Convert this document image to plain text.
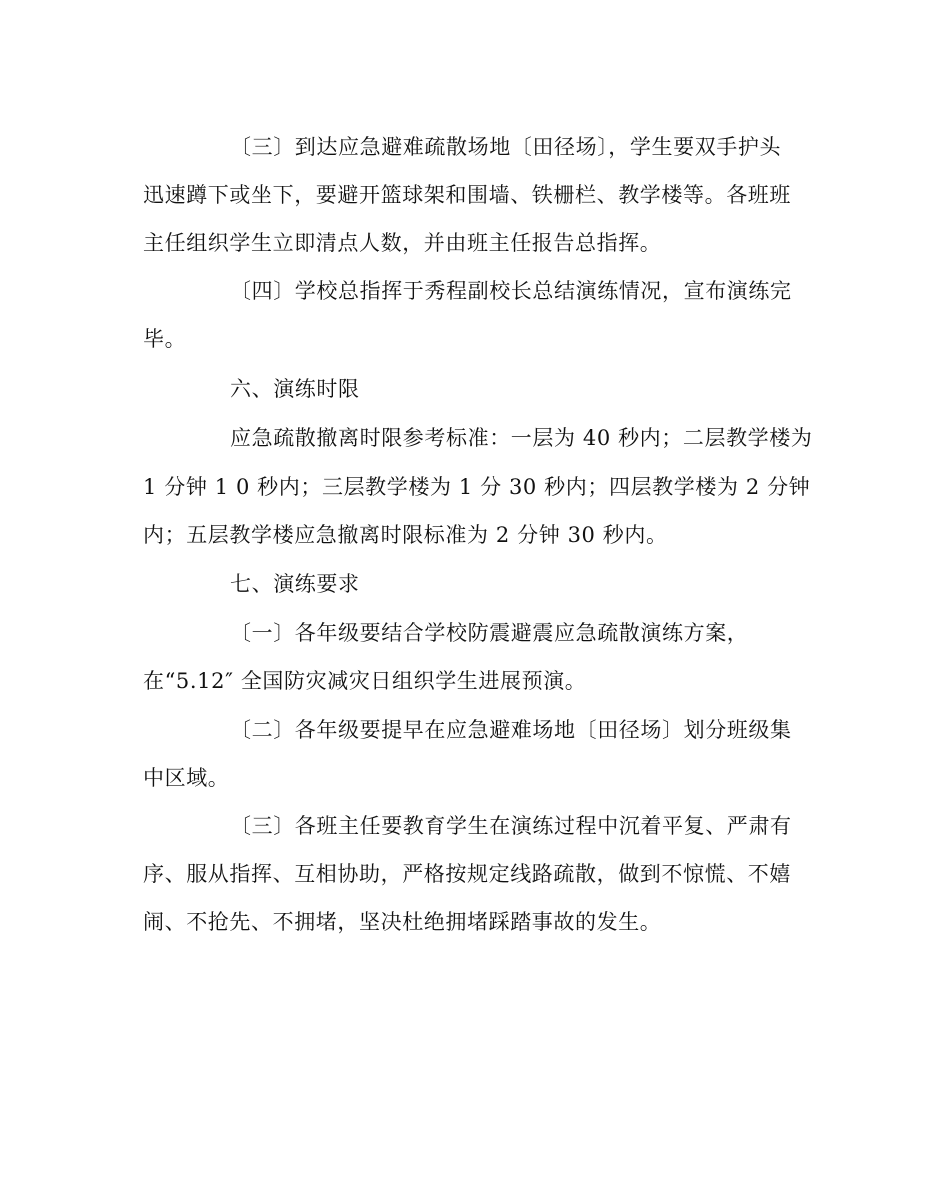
〔三〕到达应急避难疏散场地〔田径场〕，学生要双手护头
迅速蹲下或坐下，要避开篮球架和围墙、铁栅栏、教学楼等。各班班
主任组织学生立即清点人数，并由班主任报告总指挥。
〔四〕学校总指挥于秀程副校长总结演练情况，宣布演练完
毕。
六、演练时限
应急疏散撤离时限参考标准：一层为 40 秒内；二层教学楼为
1 分钟 1 0 秒内；三层教学楼为 1 分 30 秒内；四层教学楼为 2 分钟
内；五层教学楼应急撤离时限标准为 2 分钟 30 秒内。
七、演练要求
〔一〕各年级要结合学校防震避震应急疏散演练方案，
在“5.12″ 全国防灾减灾日组织学生进展预演。
〔二〕各年级要提早在应急避难场地〔田径场〕划分班级集
中区域。
〔三〕各班主任要教育学生在演练过程中沉着平复、严肃有
序、服从指挥、互相协助，严格按规定线路疏散，做到不惊慌、不嬉
闹、不抢先、不拥堵，坚决杜绝拥堵踩踏事故的发生。
